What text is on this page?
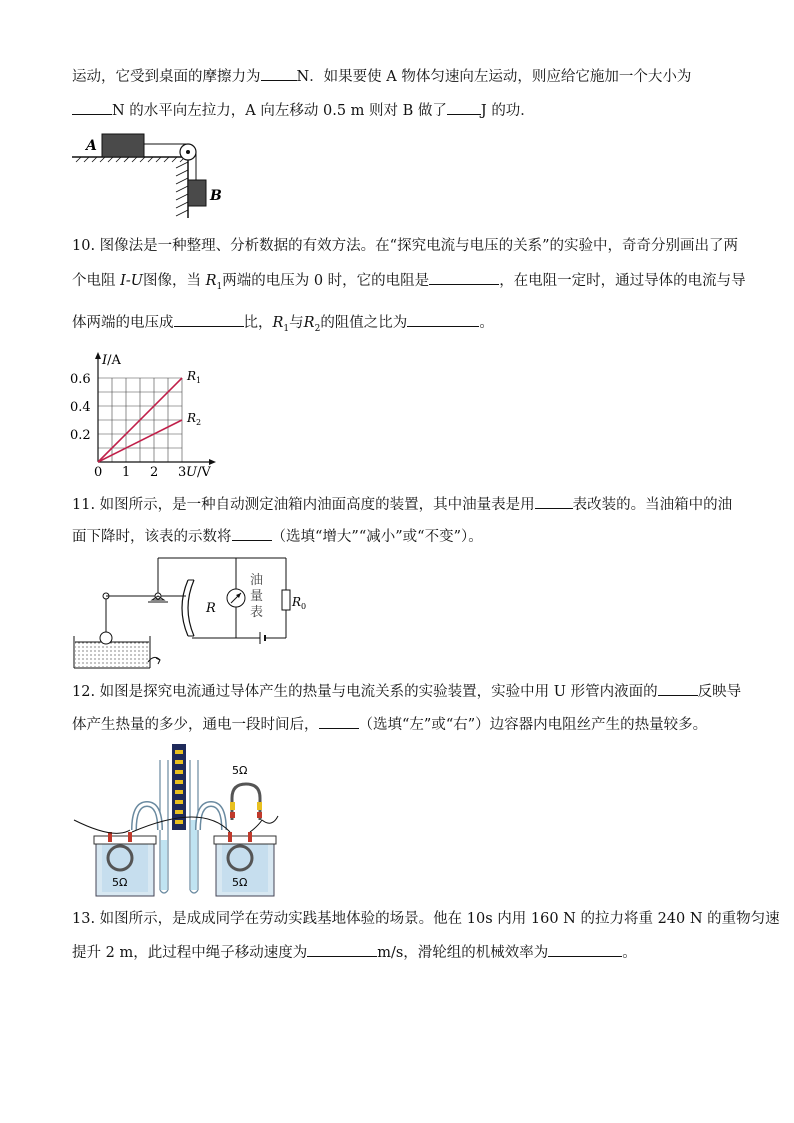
运动，它受到桌面的摩擦力为 N．如果要使 A 物体匀速向左运动，则应给它施加一个大小为
N 的水平向左拉力，A 向左移动 0.5 m 则对 B 做了 J 的功．
A
B
10. 图像法是一种整理、分析数据的有效方法。在“探究电流与电压的关系”的实验中，奇奇分别画出了两
个电阻 I-U图像，当 $R_1$两端的电压为 0 时，它的电阻是	，在电阻一定时，通过导体的电流与导
体两端的电压成	比，$R_1$与$R_2$的阻值之比为	。
I/A
U/V
0 1 2 3
0.2
0.4
0.6	$R_1$
$R_2$
11. 如图所示，是一种自动测定油箱内油面高度的装置，其中油量表是用	表改装的。当油箱中的油
面下降时，该表的示数将	（选填“增大”“减小”或“不变”）。
R
油
量
表
$R_0$
12. 如图是探究电流通过导体产生的热量与电流关系的实验装置，实验中用 U 形管内液面的	反映导
体产生热量的多少，通电一段时间后，	（选填“左”或“右”）边容器内电阻丝产生的热量较多。
5Ω	5Ω
5Ω
13. 如图所示，是成成同学在劳动实践基地体验的场景。他在 10s 内用 160 N 的拉力将重 240 N 的重物匀速
提升 2 m，此过程中绳子移动速度为	m/s，滑轮组的机械效率为	。
